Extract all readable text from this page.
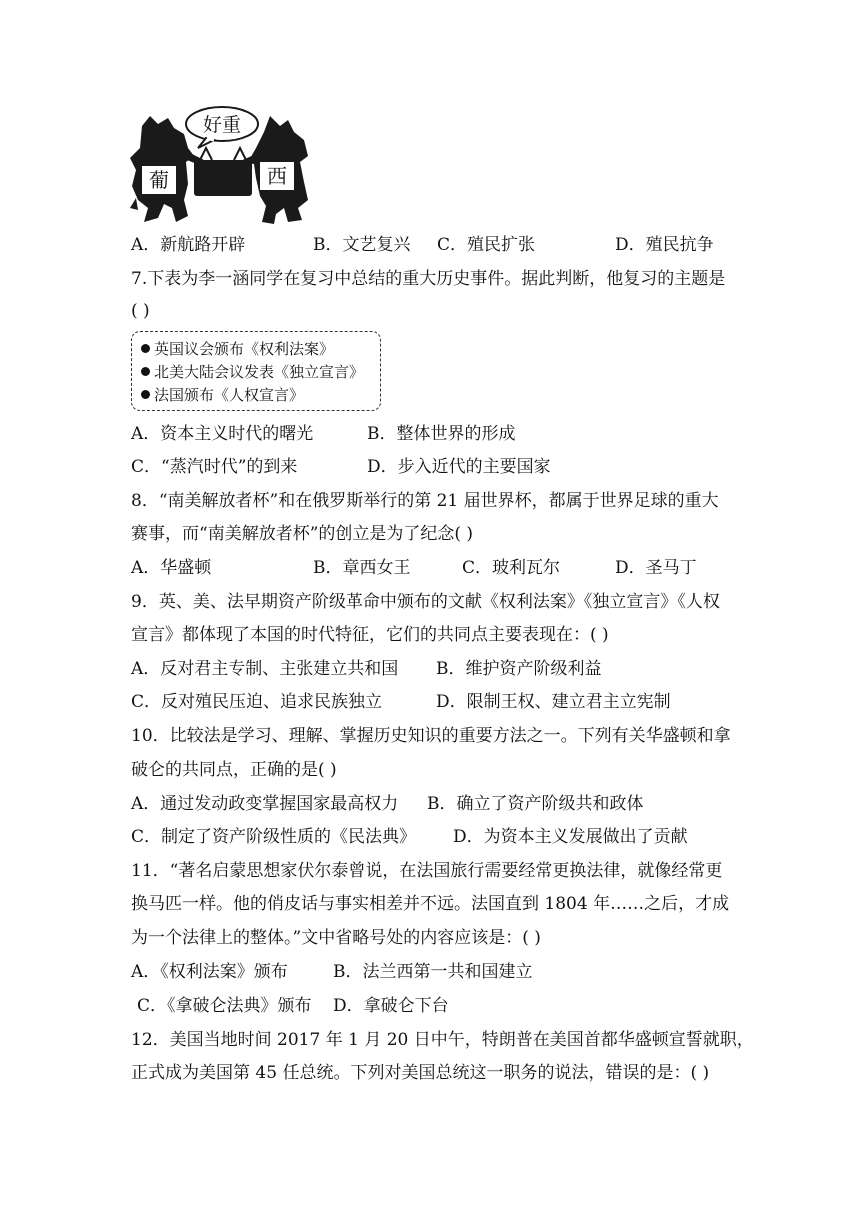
好重
葡	西
A．新航路开辟	B．文艺复兴 C．殖民扩张	D．殖民抗争
7.下表为李一涵同学在复习中总结的重大历史事件。据此判断，他复习的主题是
( )
英国议会颁布《权利法案》
北美大陆会议发表《独立宣言》
法国颁布《人权宣言》
A．资本主义时代的曙光	B．整体世界的形成
C．“蒸汽时代”的到来	D．步入近代的主要国家
8．“南美解放者杯”和在俄罗斯举行的第 21 届世界杯，都属于世界足球的重大
赛事，而“南美解放者杯”的创立是为了纪念( )
A．华盛顿	B．章西女王	C．玻利瓦尔	D．圣马丁
9．英、美、法早期资产阶级革命中颁布的文献《权利法案》《独立宣言》《人权
宣言》都体现了本国的时代特征，它们的共同点主要表现在：( )
A．反对君主专制、主张建立共和国 B．维护资产阶级利益
C．反对殖民压迫、追求民族独立	D．限制王权、建立君主立宪制
10．比较法是学习、理解、掌握历史知识的重要方法之一。下列有关华盛顿和拿
破仑的共同点，正确的是( )
A．通过发动政变掌握国家最高权力 B．确立了资产阶级共和政体
C．制定了资产阶级性质的《民法典》 D．为资本主义发展做出了贡献
11．“著名启蒙思想家伏尔泰曾说，在法国旅行需要经常更换法律，就像经常更
换马匹一样。他的俏皮话与事实相差并不远。法国直到 1804 年……之后，才成
为一个法律上的整体。”文中省略号处的内容应该是：( )
A．《权利法案》颁布	B．法兰西第一共和国建立
C．《拿破仑法典》颁布 D．拿破仑下台
12．美国当地时间 2017 年 1 月 20 日中午，特朗普在美国首都华盛顿宣誓就职，
正式成为美国第 45 任总统。下列对美国总统这一职务的说法，错误的是：( )
